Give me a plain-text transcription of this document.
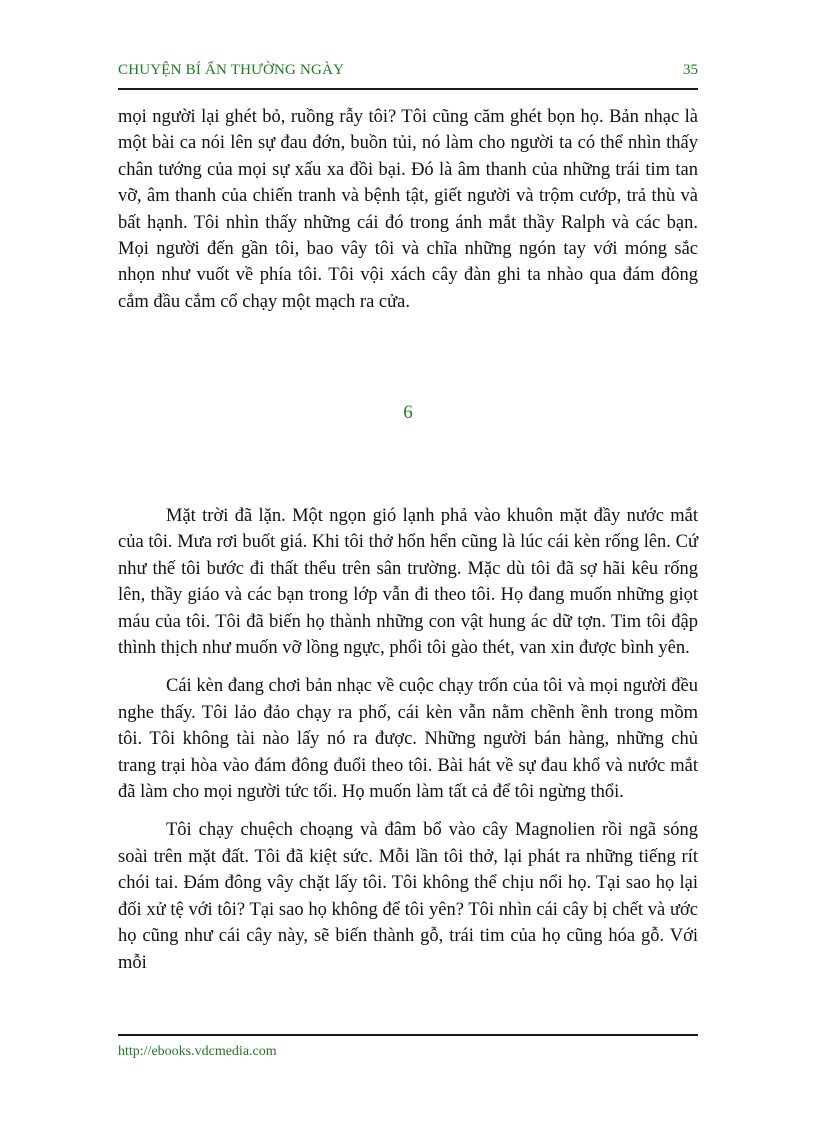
CHUYỆN BÍ ẨN THƯỜNG NGÀY	35

mọi người lại ghét bỏ, ruồng rẫy tôi? Tôi cũng căm ghét bọn họ. Bản nhạc là một bài ca nói lên sự đau đớn, buồn tủi, nó làm cho người ta có thể nhìn thấy chân tướng của mọi sự xấu xa đồi bại. Đó là âm thanh của những trái tim tan vỡ, âm thanh của chiến tranh và bệnh tật, giết người và trộm cướp, trả thù và bất hạnh. Tôi nhìn thấy những cái đó trong ánh mắt thầy Ralph và các bạn. Mọi người đến gần tôi, bao vây tôi và chĩa những ngón tay với móng sắc nhọn như vuốt về phía tôi. Tôi vội xách cây đàn ghi ta nhào qua đám đông cắm đầu cắm cổ chạy một mạch ra cửa.

6

Mặt trời đã lặn. Một ngọn gió lạnh phả vào khuôn mặt đầy nước mắt của tôi. Mưa rơi buốt giá. Khi tôi thở hổn hển cũng là lúc cái kèn rống lên. Cứ như thế tôi bước đi thất thểu trên sân trường. Mặc dù tôi đã sợ hãi kêu rống lên, thầy giáo và các bạn trong lớp vẫn đi theo tôi. Họ đang muốn những giọt máu của tôi. Tôi đã biến họ thành những con vật hung ác dữ tợn. Tim tôi đập thình thịch như muốn vỡ lồng ngực, phổi tôi gào thét, van xin được bình yên.

Cái kèn đang chơi bản nhạc về cuộc chạy trốn của tôi và mọi người đều nghe thấy. Tôi lảo đảo chạy ra phố, cái kèn vẫn nằm chềnh ềnh trong mồm tôi. Tôi không tài nào lấy nó ra được. Những người bán hàng, những chủ trang trại hòa vào đám đông đuổi theo tôi. Bài hát về sự đau khổ và nước mắt đã làm cho mọi người tức tối. Họ muốn làm tất cả để tôi ngừng thổi.

Tôi chạy chuệch choạng và đâm bổ vào cây Magnolien rồi ngã sóng soài trên mặt đất. Tôi đã kiệt sức. Mỗi lần tôi thở, lại phát ra những tiếng rít chói tai. Đám đông vây chặt lấy tôi. Tôi không thể chịu nổi họ. Tại sao họ lại đối xử tệ với tôi? Tại sao họ không để tôi yên? Tôi nhìn cái cây bị chết và ước họ cũng như cái cây này, sẽ biến thành gỗ, trái tim của họ cũng hóa gỗ. Với mỗi

http://ebooks.vdcmedia.com
